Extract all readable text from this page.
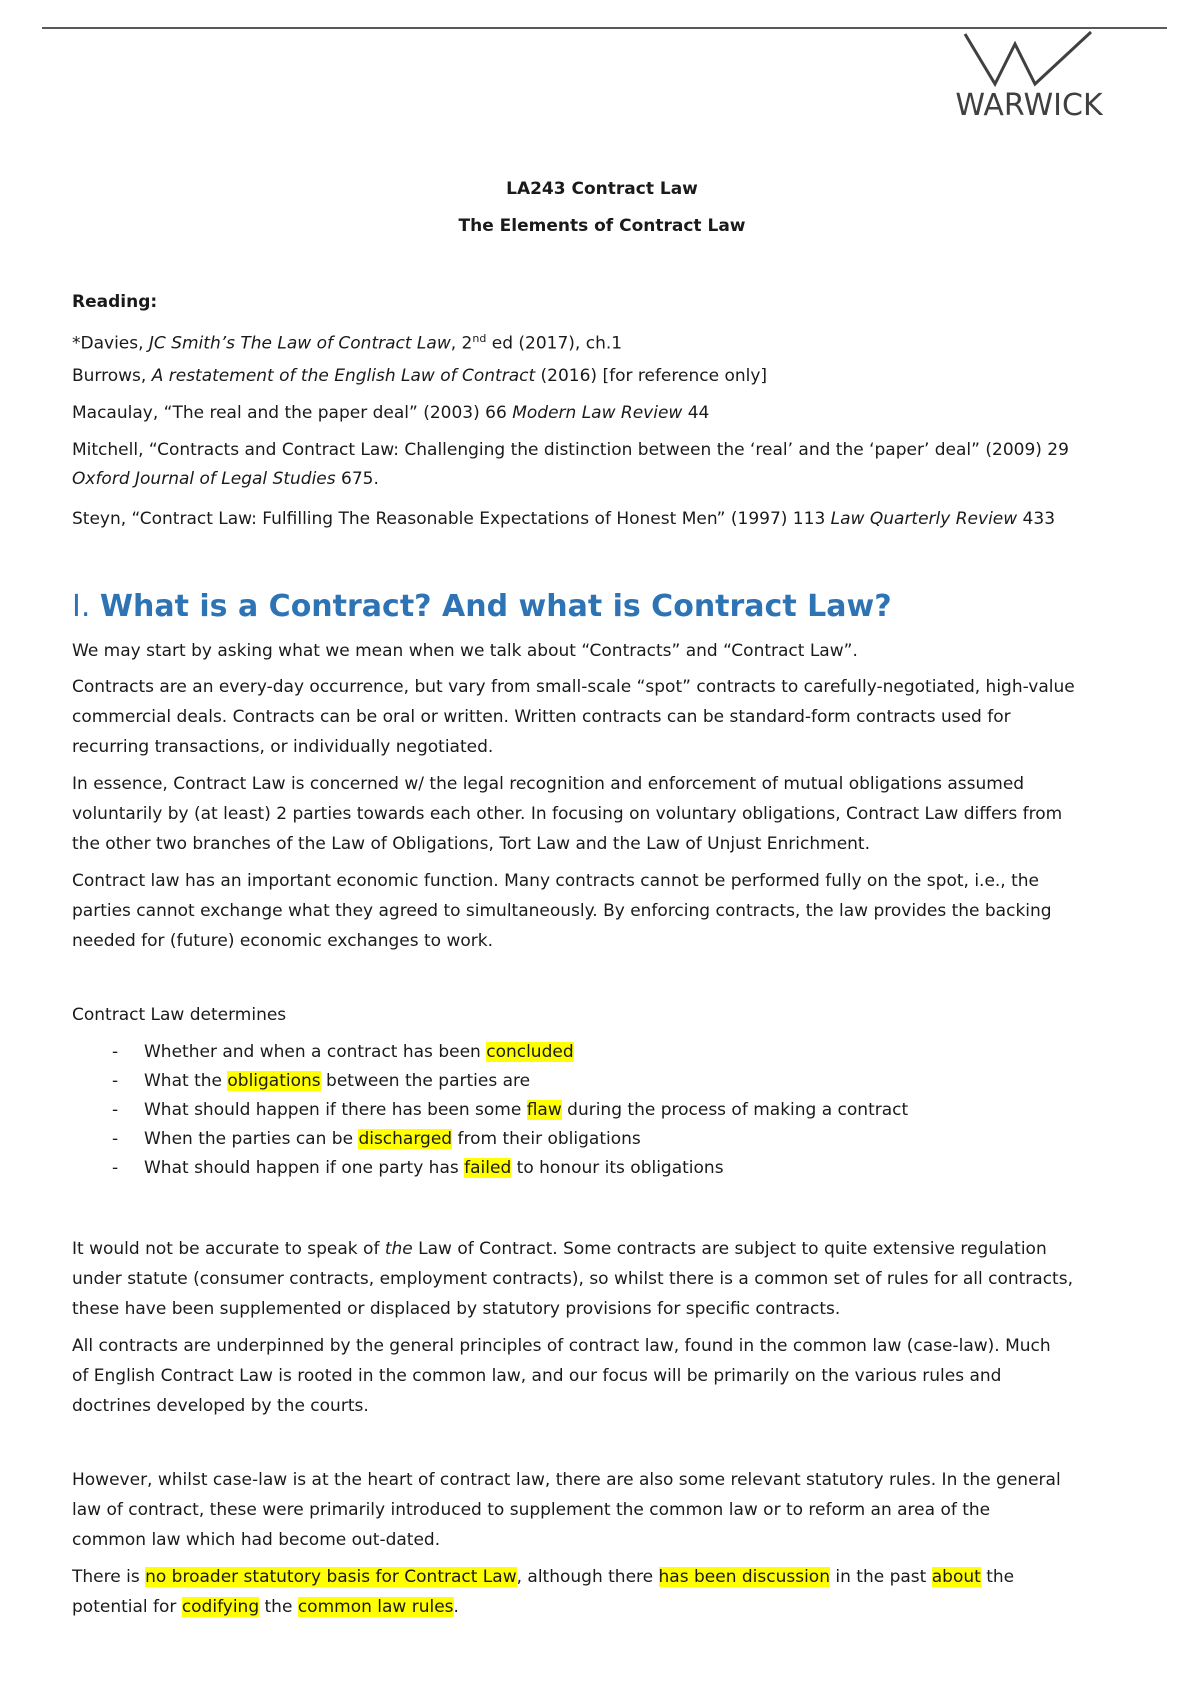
WARWICK
LA243 Contract Law
The Elements of Contract Law
Reading:
*Davies, JC Smith’s The Law of Contract Law, 2nd ed (2017), ch.1
Burrows, A restatement of the English Law of Contract (2016) [for reference only]
Macaulay, “The real and the paper deal” (2003) 66 Modern Law Review 44
Mitchell, “Contracts and Contract Law: Challenging the distinction between the ‘real’ and the ‘paper’ deal” (2009) 29
Oxford Journal of Legal Studies 675.
Steyn, “Contract Law: Fulfilling The Reasonable Expectations of Honest Men” (1997) 113 Law Quarterly Review 433
I. What is a Contract? And what is Contract Law?
We may start by asking what we mean when we talk about “Contracts” and “Contract Law”.
Contracts are an every-day occurrence, but vary from small-scale “spot” contracts to carefully-negotiated, high-value
commercial deals. Contracts can be oral or written. Written contracts can be standard-form contracts used for
recurring transactions, or individually negotiated.
In essence, Contract Law is concerned w/ the legal recognition and enforcement of mutual obligations assumed
voluntarily by (at least) 2 parties towards each other. In focusing on voluntary obligations, Contract Law differs from
the other two branches of the Law of Obligations, Tort Law and the Law of Unjust Enrichment.
Contract law has an important economic function. Many contracts cannot be performed fully on the spot, i.e., the
parties cannot exchange what they agreed to simultaneously. By enforcing contracts, the law provides the backing
needed for (future) economic exchanges to work.
Contract Law determines
- Whether and when a contract has been concluded
- What the obligations between the parties are
- What should happen if there has been some flaw during the process of making a contract
- When the parties can be discharged from their obligations
- What should happen if one party has failed to honour its obligations
It would not be accurate to speak of the Law of Contract. Some contracts are subject to quite extensive regulation
under statute (consumer contracts, employment contracts), so whilst there is a common set of rules for all contracts,
these have been supplemented or displaced by statutory provisions for specific contracts.
All contracts are underpinned by the general principles of contract law, found in the common law (case-law). Much
of English Contract Law is rooted in the common law, and our focus will be primarily on the various rules and
doctrines developed by the courts.
However, whilst case-law is at the heart of contract law, there are also some relevant statutory rules. In the general
law of contract, these were primarily introduced to supplement the common law or to reform an area of the
common law which had become out-dated.
There is no broader statutory basis for Contract Law, although there has been discussion in the past about the
potential for codifying the common law rules.
